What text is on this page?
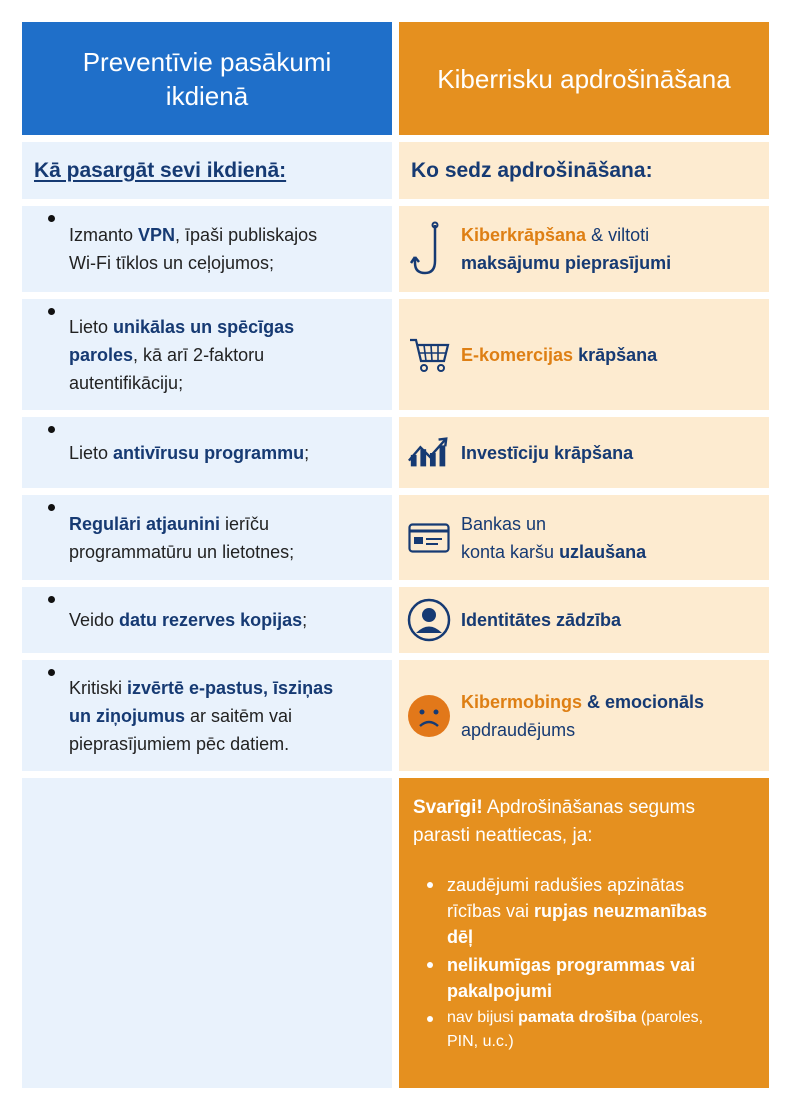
Preventīvie pasākumi
ikdienā
Kiberrisku apdrošināšana
Kā pasargāt sevi ikdienā:	Ko sedz apdrošināšana:
Izmanto VPN, īpaši publiskajos
Wi-Fi tīklos un ceļojumos;
Lieto unikālas un spēcīgas
paroles, kā arī 2-faktoru
autentifikāciju;
Lieto antivīrusu programmu;
Regulāri atjaunini ierīču
programmatūru un lietotnes;
Veido datu rezerves kopijas;
Kritiski izvērtē e-pastus, īsziņas
un ziņojumus ar saitēm vai
pieprasījumiem pēc datiem.
Kiberkrāpšana & viltoti
maksājumu pieprasījumi
E-komercijas krāpšana
Investīciju krāpšana
Bankas un
konta karšu uzlaušana
Identitātes zādzība
Kibermobings & emocionāls
apdraudējums
Svarīgi! Apdrošināšanas segums
parasti neattiecas, ja:
zaudējumi radušies apzinātas
rīcības vai rupjas neuzmanības
dēļ
nelikumīgas programmas vai
pakalpojumi
nav bijusi pamata drošība (paroles,
PIN, u.c.)
